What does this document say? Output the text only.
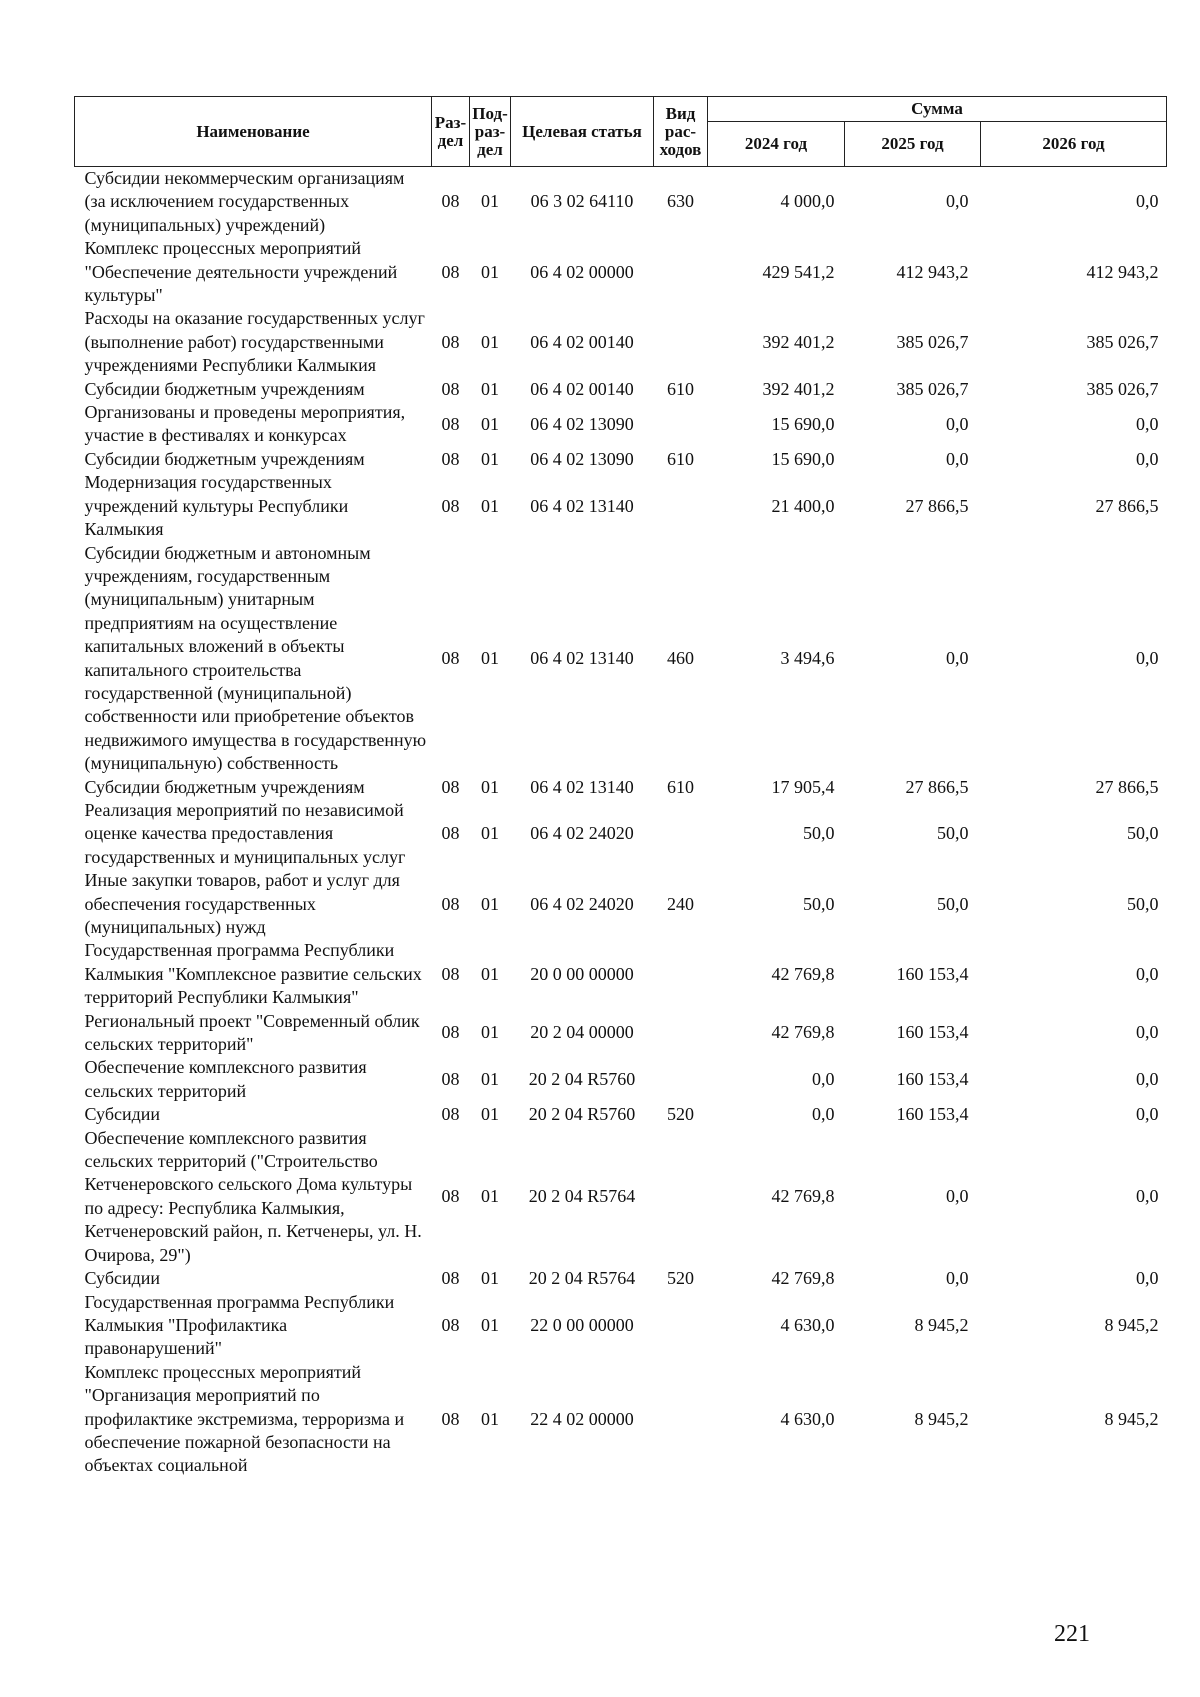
Наименование	Раз-дел	Под-раз-дел	Целевая статья	Вид рас-ходов	Сумма		
					2024 год	2025 год	2026 год
Субсидии некоммерческим организациям (за исключением государственных (муниципальных) учреждений)	08	01	06 3 02 64110	630	4 000,0	0,0	0,0
Комплекс процессных мероприятий "Обеспечение деятельности учреждений культуры"	08	01	06 4 02 00000		429 541,2	412 943,2	412 943,2
Расходы на оказание государственных услуг (выполнение работ) государственными учреждениями Республики Калмыкия	08	01	06 4 02 00140		392 401,2	385 026,7	385 026,7
Субсидии бюджетным учреждениям	08	01	06 4 02 00140	610	392 401,2	385 026,7	385 026,7
Организованы и проведены мероприятия, участие в фестивалях и конкурсах	08	01	06 4 02 13090		15 690,0	0,0	0,0
Субсидии бюджетным учреждениям	08	01	06 4 02 13090	610	15 690,0	0,0	0,0
Модернизация государственных учреждений культуры Республики Калмыкия	08	01	06 4 02 13140		21 400,0	27 866,5	27 866,5
Субсидии бюджетным и автономным учреждениям, государственным (муниципальным) унитарным предприятиям на осуществление капитальных вложений в объекты капитального строительства государственной (муниципальной) собственности или приобретение объектов недвижимого имущества в государственную (муниципальную) собственность	08	01	06 4 02 13140	460	3 494,6	0,0	0,0
Субсидии бюджетным учреждениям	08	01	06 4 02 13140	610	17 905,4	27 866,5	27 866,5
Реализация мероприятий по независимой оценке качества предоставления государственных и муниципальных услуг	08	01	06 4 02 24020		50,0	50,0	50,0
Иные закупки товаров, работ и услуг для обеспечения государственных (муниципальных) нужд	08	01	06 4 02 24020	240	50,0	50,0	50,0
Государственная программа Республики Калмыкия "Комплексное развитие сельских территорий Республики Калмыкия"	08	01	20 0 00 00000		42 769,8	160 153,4	0,0
Региональный проект "Современный облик сельских территорий"	08	01	20 2 04 00000		42 769,8	160 153,4	0,0
Обеспечение комплексного развития сельских территорий	08	01	20 2 04 R5760		0,0	160 153,4	0,0
Субсидии	08	01	20 2 04 R5760	520	0,0	160 153,4	0,0
Обеспечение комплексного развития сельских территорий ("Строительство Кетченеровского сельского Дома культуры по адресу: Республика Калмыкия, Кетченеровский район, п. Кетченеры, ул. Н. Очирова, 29")	08	01	20 2 04 R5764		42 769,8	0,0	0,0
Субсидии	08	01	20 2 04 R5764	520	42 769,8	0,0	0,0
Государственная программа Республики Калмыкия "Профилактика правонарушений"	08	01	22 0 00 00000		4 630,0	8 945,2	8 945,2
Комплекс процессных мероприятий "Организация мероприятий по профилактике экстремизма, терроризма и обеспечение пожарной безопасности на объектах социальной	08	01	22 4 02 00000		4 630,0	8 945,2	8 945,2
221
